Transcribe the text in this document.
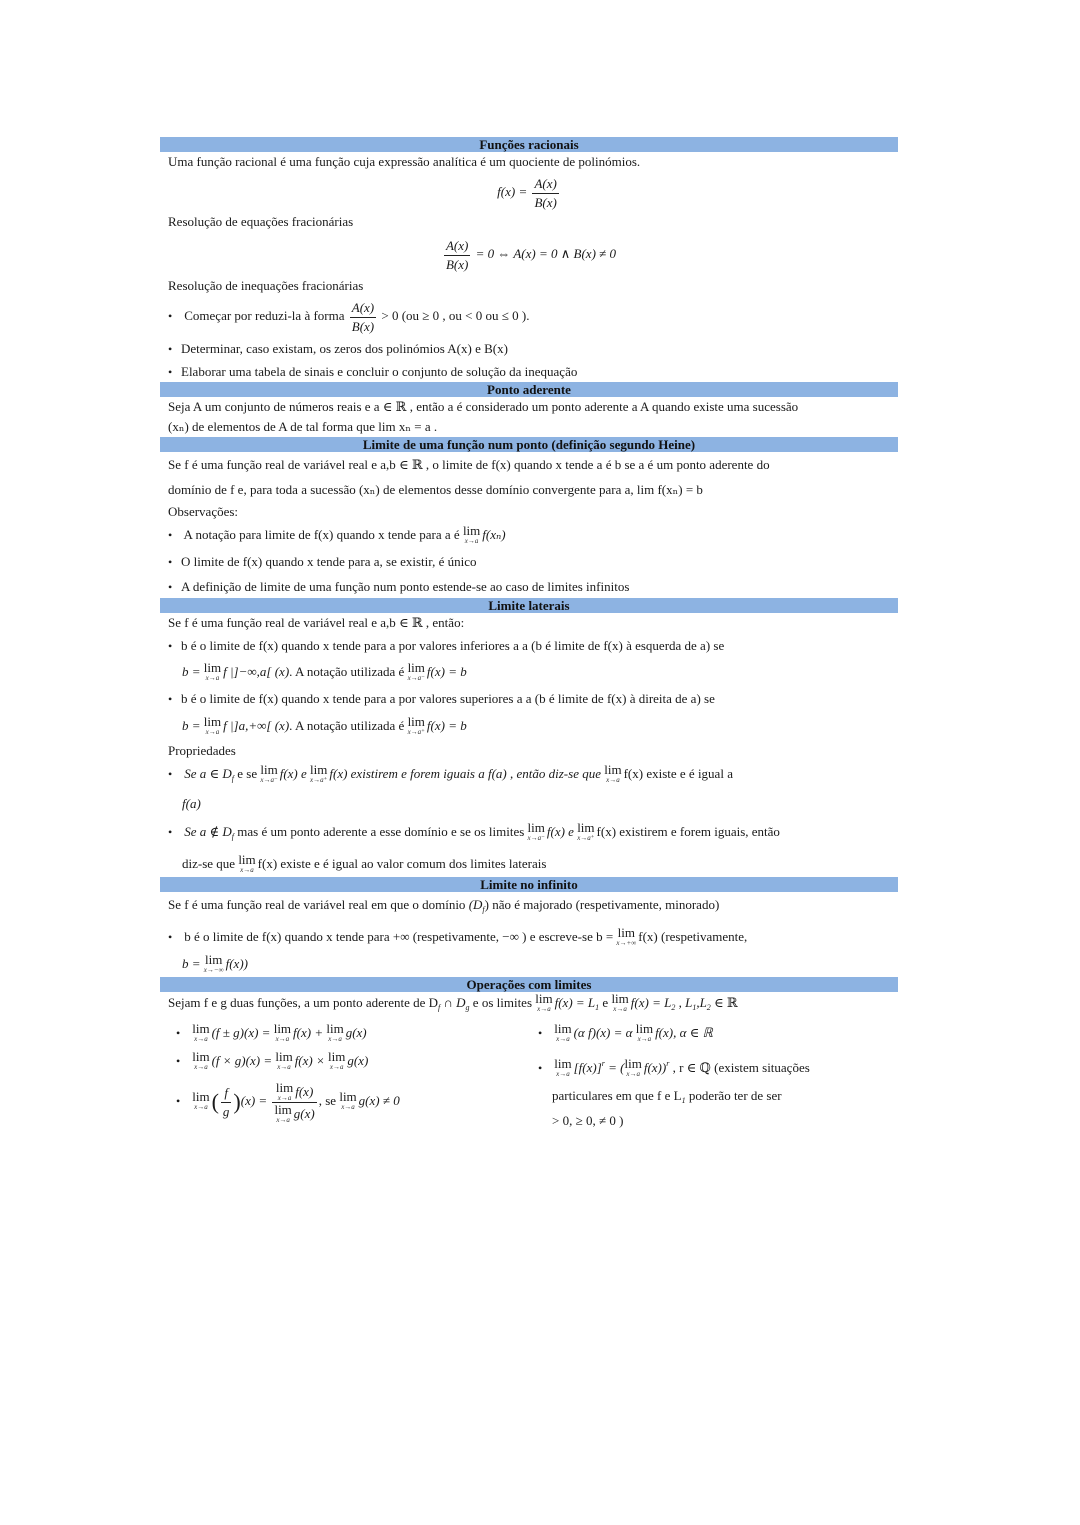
Funções racionais
Uma função racional é uma função cuja expressão analítica é um quociente de polinómios.
$f(x) = \frac{A(x)}{B(x)}$
Resolução de equações fracionárias
$\frac{A(x)}{B(x)} = 0$ ⇔ A(x) = 0 ∧ B(x) ≠ 0
Resolução de inequações fracionárias
• Começar por reduzi-la à forma $\frac{A(x)}{B(x)} > 0$ (ou ≥ 0 , ou < 0 ou ≤ 0 ).
• Determinar, caso existam, os zeros dos polinómios A(x) e B(x)
• Elaborar uma tabela de sinais e concluir o conjunto de solução da inequação
Ponto aderente
Seja A um conjunto de números reais e a ∈ ℝ , então a é considerado um ponto aderente a A quando existe uma sucessão
(xₙ) de elementos de A de tal forma que lim xₙ = a .
Limite de uma função num ponto (definição segundo Heine)
Se f é uma função real de variável real e a,b ∈ ℝ , o limite de f(x) quando x tende a é b se a é um ponto aderente do
domínio de f e, para toda a sucessão (xₙ) de elementos desse domínio convergente para a, lim f(xₙ) = b
Observações:
• A notação para limite de f(x) quando x tende para a é lim
x→a f(xₙ)
• O limite de f(x) quando x tende para a, se existir, é único
• A definição de limite de uma função num ponto estende-se ao caso de limites infinitos
Limite laterais
Se f é uma função real de variável real e a,b ∈ ℝ , então:
• b é o limite de f(x) quando x tende para a por valores inferiores a a (b é limite de f(x) à esquerda de a) se
b = lim
x→a f |]−∞,a[ (x). A notação utilizada é lim
x→a⁻ f(x) = b
• b é o limite de f(x) quando x tende para a por valores superiores a a (b é limite de f(x) à direita de a) se
b = lim
x→a f |]a,+∞[ (x). A notação utilizada é lim
x→a⁺ f(x) = b
Propriedades
• Se a ∈ $D_f$ e se lim
x→a⁻ f(x) e lim
x→a⁺ f(x) existirem e forem iguais a f(a) , então diz-se que lim
x→a f(x) existe e é igual a
f(a)
• Se a ∉ $D_f$ mas é um ponto aderente a esse domínio e se os limites lim
x→a⁻ f(x) e lim
x→a⁺ f(x) existirem e forem iguais, então
diz-se que lim
x→a f(x) existe e é igual ao valor comum dos limites laterais
Limite no infinito
Se f é uma função real de variável real em que o domínio $(D_f)$ não é majorado (respetivamente, minorado)
• b é o limite de f(x) quando x tende para +∞ (respetivamente, −∞ ) e escreve-se b = lim
x→+∞ f(x) (respetivamente,
b = lim
x→−∞ f(x))
Operações com limites
Sejam f e g duas funções, a um ponto aderente de $D_f$ ∩ $D_g$ e os limites lim
x→a $f(x) = L_1$ e lim
x→a $f(x) = L_2$ , $L_1,L_2$ ∈ ℝ

• lim
x→a (f ± g)(x) = lim
x→a f(x) + lim
x→a g(x)

• lim
x→a (f × g)(x) = lim
x→a f(x) × lim
x→a g(x)

• lim
x→a ( $\frac{f}{g} )(x) = \lim$
x→a f(x)
lim
x→a g(x) , se lim
x→a g(x) ≠ 0

• lim
x→a (α f)(x) = α lim
x→a f(x), α ∈ ℝ

• lim
x→a $[f(x)]^r$ = ( lim
x→a f(x))$^r$ , r ∈ ℚ (existem situações
particulares em que f e $L_1$ poderão ter de ser
> 0, ≥ 0, ≠ 0 )
